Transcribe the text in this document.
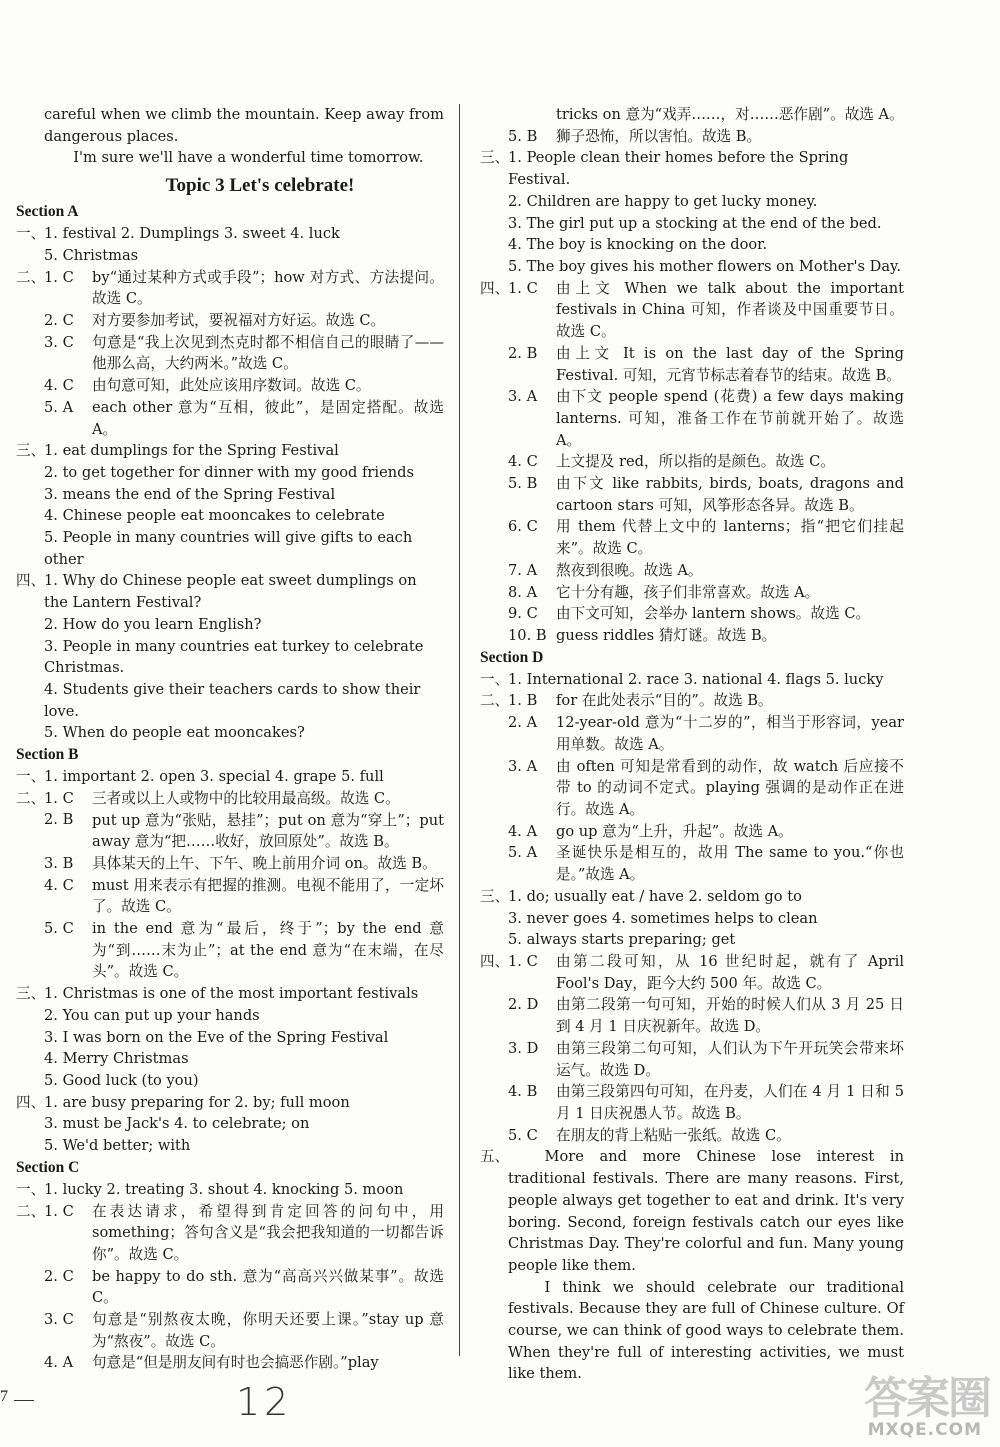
careful when we climb the mountain. Keep away from dangerous places.

I'm sure we'll have a wonderful time tomorrow.

Topic 3 Let's celebrate!
Section A
一、
1. festival 2. Dumplings 3. sweet 4. luck
5. Christmas
二、
1. C by“通过某种方式或手段”；how 对方式、方法提问。故选 C。
2. C 对方要参加考试，要祝福对方好运。故选 C。
3. C 句意是“我上次见到杰克时都不相信自己的眼睛了——他那么高，大约两米。”故选 C。
4. C 由句意可知，此处应该用序数词。故选 C。
5. A each other 意为“互相，彼此”，是固定搭配。故选 A。
三、
1. eat dumplings for the Spring Festival
2. to get together for dinner with my good friends
3. means the end of the Spring Festival
4. Chinese people eat mooncakes to celebrate
5. People in many countries will give gifts to each other
四、
1. Why do Chinese people eat sweet dumplings on the Lantern Festival?
2. How do you learn English?
3. People in many countries eat turkey to celebrate Christmas.
4. Students give their teachers cards to show their love.
5. When do people eat mooncakes?
Section B
一、
1. important 2. open 3. special 4. grape 5. full
二、
1. C 三者或以上人或物中的比较用最高级。故选 C。
2. B put up 意为“张贴，悬挂”；put on 意为“穿上”；put away 意为“把……收好，放回原处”。故选 B。
3. B 具体某天的上午、下午、晚上前用介词 on。故选 B。
4. C must 用来表示有把握的推测。电视不能用了，一定坏了。故选 C。
5. C in the end 意为“最后，终于”；by the end 意为“到……末为止”；at the end 意为“在末端，在尽头”。故选 C。
三、
1. Christmas is one of the most important festivals
2. You can put up your hands
3. I was born on the Eve of the Spring Festival
4. Merry Christmas
5. Good luck (to you)
四、
1. are busy preparing for 2. by; full moon
3. must be Jack's 4. to celebrate; on
5. We'd better; with
Section C
一、
1. lucky 2. treating 3. shout 4. knocking 5. moon
二、
1. C 在表达请求，希望得到肯定回答的问句中，用 something；答句含义是“我会把我知道的一切都告诉你”。故选 C。
2. C be happy to do sth. 意为“高高兴兴做某事”。故选 C。
3. C 句意是“别熬夜太晚，你明天还要上课。”stay up 意为“熬夜”。故选 C。
4. A 句意是“但是朋友间有时也会搞恶作剧。”play
tricks on 意为“戏弄……，对……恶作剧”。故选 A。
5. B 狮子恐怖，所以害怕。故选 B。
三、
1. People clean their homes before the Spring Festival.
2. Children are happy to get lucky money.
3. The girl put up a stocking at the end of the bed.
4. The boy is knocking on the door.
5. The boy gives his mother flowers on Mother's Day.
四、
1. C 由上文 When we talk about the important festivals in China 可知，作者谈及中国重要节日。故选 C。
2. B 由上文 It is on the last day of the Spring Festival. 可知，元宵节标志着春节的结束。故选 B。
3. A 由下文 people spend (花费) a few days making lanterns. 可知，准备工作在节前就开始了。故选 A。
4. C 上文提及 red，所以指的是颜色。故选 C。
5. B 由下文 like rabbits, birds, boats, dragons and cartoon stars 可知，风筝形态各异。故选 B。
6. C 用 them 代替上文中的 lanterns；指“把它们挂起来”。故选 C。
7. A 熬夜到很晚。故选 A。
8. A 它十分有趣，孩子们非常喜欢。故选 A。
9. C 由下文可知，会举办 lantern shows。故选 C。
10. B guess riddles 猜灯谜。故选 B。
Section D
一、
1. International 2. race 3. national 4. flags 5. lucky
二、
1. B for 在此处表示“目的”。故选 B。
2. A 12-year-old 意为“十二岁的”，相当于形容词，year 用单数。故选 A。
3. A 由 often 可知是常看到的动作，故 watch 后应接不带 to 的动词不定式。playing 强调的是动作正在进行。故选 A。
4. A go up 意为“上升，升起”。故选 A。
5. A 圣诞快乐是相互的，故用 The same to you.“你也是。”故选 A。
三、
1. do; usually eat / have 2. seldom go to
3. never goes 4. sometimes helps to clean
5. always starts preparing; get
四、
1. C 由第二段可知，从 16 世纪时起，就有了 April Fool's Day，距今大约 500 年。故选 C。
2. D 由第二段第一句可知，开始的时候人们从 3 月 25 日到 4 月 1 日庆祝新年。故选 D。
3. D 由第三段第二句可知，人们认为下午开玩笑会带来坏运气。故选 D。
4. B 由第三段第四句可知，在丹麦，人们在 4 月 1 日和 5 月 1 日庆祝愚人节。故选 B。
5. C 在朋友的背上粘贴一张纸。故选 C。
五、	More and more Chinese lose interest in traditional festivals. There are many reasons. First, people always get together to eat and drink. It's very boring. Second, foreign festivals catch our eyes like Christmas Day. They're colorful and fun. Many young people like them.

I think we should celebrate our traditional festivals. Because they are full of Chinese culture. Of course, we can think of good ways to celebrate them. When they're full of interesting activities, we must like them.

7	12	答案圈
MXQE.COM
